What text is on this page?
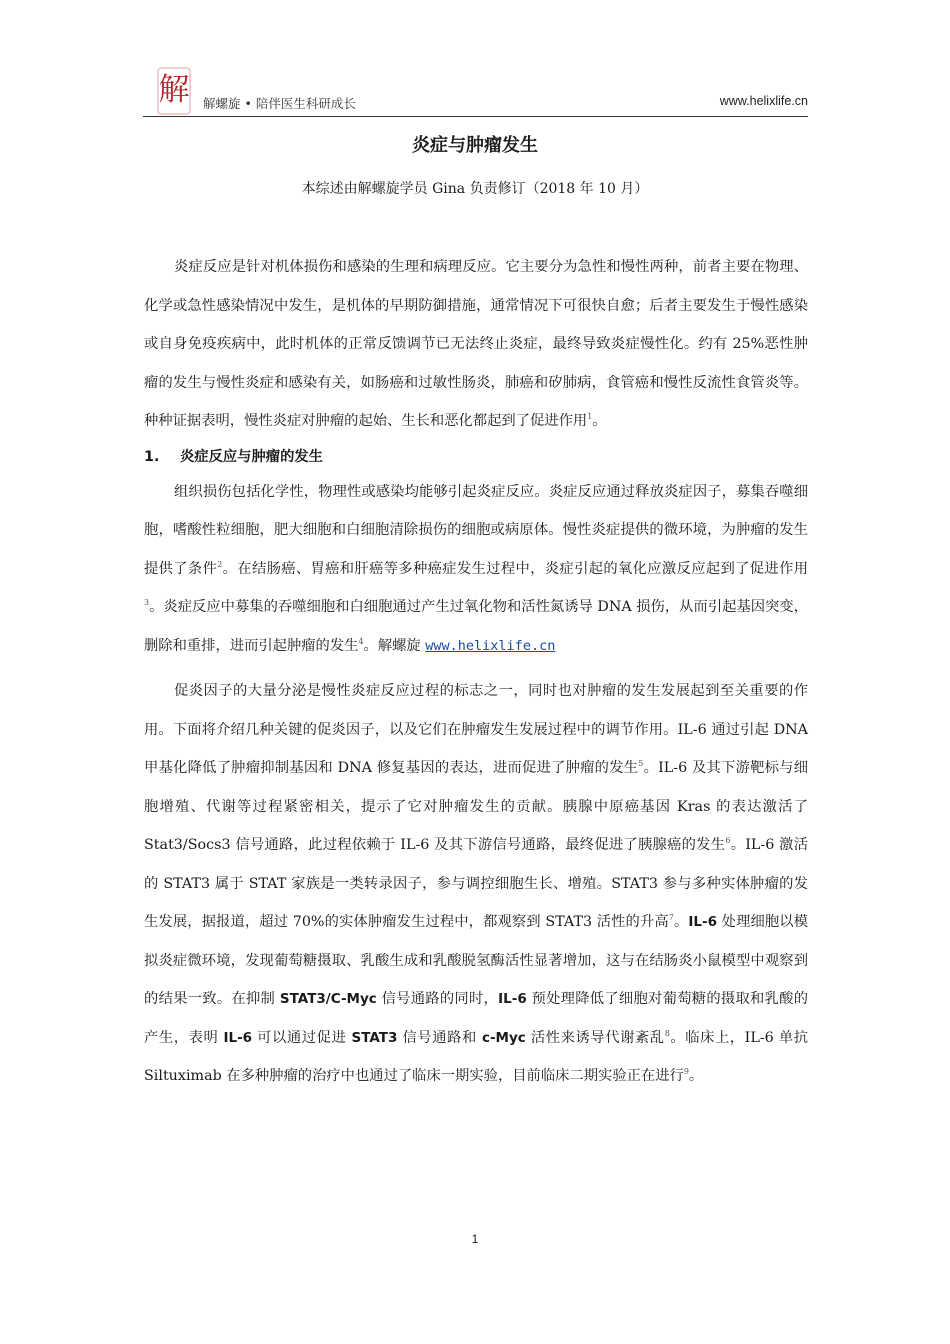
解 解螺旋 • 陪伴医生科研成长	www.helixlife.cn
炎症与肿瘤发生
本综述由解螺旋学员 Gina 负责修订（2018 年 10 月）

炎症反应是针对机体损伤和感染的生理和病理反应。它主要分为急性和慢性两种，前者主要在物理、化学或急性感染情况中发生，是机体的早期防御措施，通常情况下可很快自愈；后者主要发生于慢性感染或自身免疫疾病中，此时机体的正常反馈调节已无法终止炎症，最终导致炎症慢性化。约有 25%恶性肿瘤的发生与慢性炎症和感染有关，如肠癌和过敏性肠炎，肺癌和矽肺病，食管癌和慢性反流性食管炎等。种种证据表明，慢性炎症对肿瘤的起始、生长和恶化都起到了促进作用$^1$。

1. 炎症反应与肿瘤的发生

组织损伤包括化学性，物理性或感染均能够引起炎症反应。炎症反应通过释放炎症因子，募集吞噬细胞，嗜酸性粒细胞，肥大细胞和白细胞清除损伤的细胞或病原体。慢性炎症提供的微环境，为肿瘤的发生提供了条件$^2$。在结肠癌、胃癌和肝癌等多种癌症发生过程中，炎症引起的氧化应激反应起到了促进作用$^3$。炎症反应中募集的吞噬细胞和白细胞通过产生过氧化物和活性氮诱导 DNA 损伤，从而引起基因突变，删除和重排，进而引起肿瘤的发生$^4$。解螺旋 www.helixlife.cn

促炎因子的大量分泌是慢性炎症反应过程的标志之一，同时也对肿瘤的发生发展起到至关重要的作用。下面将介绍几种关键的促炎因子，以及它们在肿瘤发生发展过程中的调节作用。IL-6 通过引起 DNA 甲基化降低了肿瘤抑制基因和 DNA 修复基因的表达，进而促进了肿瘤的发生$^5$。IL-6 及其下游靶标与细胞增殖、代谢等过程紧密相关，提示了它对肿瘤发生的贡献。胰腺中原癌基因 Kras 的表达激活了 Stat3/Socs3 信号通路，此过程依赖于 IL-6 及其下游信号通路，最终促进了胰腺癌的发生$^6$。IL-6 激活的 STAT3 属于 STAT 家族是一类转录因子，参与调控细胞生长、增殖。STAT3 参与多种实体肿瘤的发生发展，据报道，超过 70%的实体肿瘤发生过程中，都观察到 STAT3 活性的升高$^7$。IL-6 处理细胞以模拟炎症微环境，发现葡萄糖摄取、乳酸生成和乳酸脱氢酶活性显著增加，这与在结肠炎小鼠模型中观察到的结果一致。在抑制 STAT3/C-Myc 信号通路的同时，IL-6 预处理降低了细胞对葡萄糖的摄取和乳酸的产生，表明 IL-6 可以通过促进 STAT3 信号通路和 c-Myc 活性来诱导代谢紊乱$^8$。临床上，IL-6 单抗 Siltuximab 在多种肿瘤的治疗中也通过了临床一期实验，目前临床二期实验正在进行$^9$。

1
